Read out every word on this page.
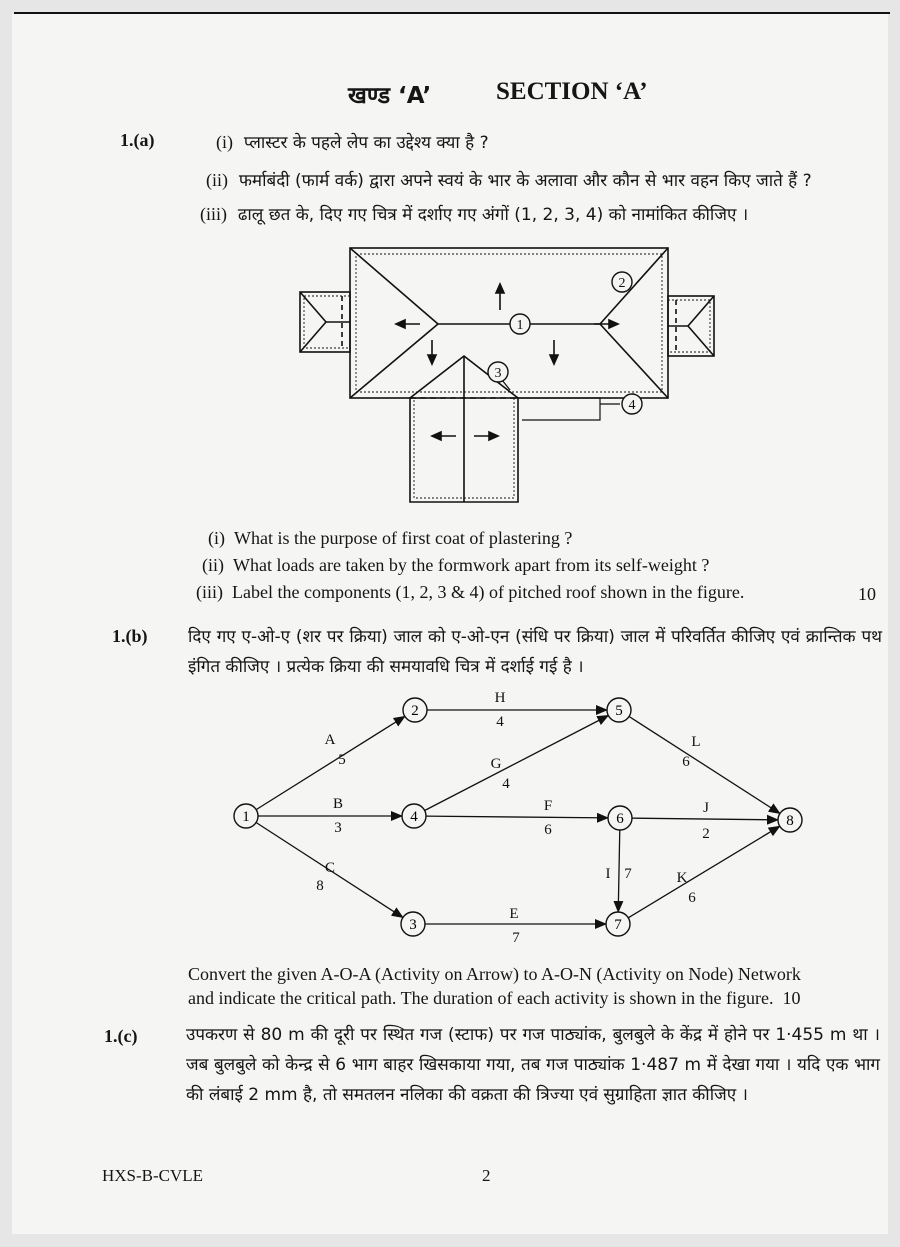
खण्ड ‘A’	SECTION ‘A’
1.(a)	(i) प्लास्टर के पहले लेप का उद्देश्य क्या है ?
(ii) फर्माबंदी (फार्म वर्क) द्वारा अपने स्वयं के भार के अलावा और कौन से भार वहन किए जाते हैं ?
(iii) ढालू छत के, दिए गए चित्र में दर्शाए गए अंगों (1, 2, 3, 4) को नामांकित कीजिए ।
1
2
3
4
(i) What is the purpose of first coat of plastering ?
(ii) What loads are taken by the formwork apart from its self-weight ?
(iii) Label the components (1, 2, 3 & 4) of pitched roof shown in the figure.	10
1.(b) दिए गए ए-ओ-ए (शर पर क्रिया) जाल को ए-ओ-एन (संधि पर क्रिया) जाल में परिवर्तित कीजिए एवं क्रान्तिक पथ इंगित कीजिए । प्रत्येक क्रिया की समयावधि चित्र में दर्शाई गई है ।
1
2
3
4
5
6
7
8
A
5
B
3
C
8
H
4
G
4
F
6
E
7
L
6
J
2
I 7	K
6
Convert the given A-O-A (Activity on Arrow) to A-O-N (Activity on Node) Network
and indicate the critical path. The duration of each activity is shown in the figure. 10
1.(c)	उपकरण से 80 m की दूरी पर स्थित गज (स्टाफ) पर गज पाठ्यांक, बुलबुले के केंद्र में होने पर 1·455 m था । जब बुलबुले को केन्द्र से 6 भाग बाहर खिसकाया गया, तब गज पाठ्यांक 1·487 m में देखा गया । यदि एक भाग की लंबाई 2 mm है, तो समतलन नलिका की वक्रता की त्रिज्या एवं सुग्राहिता ज्ञात कीजिए ।
HXS-B-CVLE	2
